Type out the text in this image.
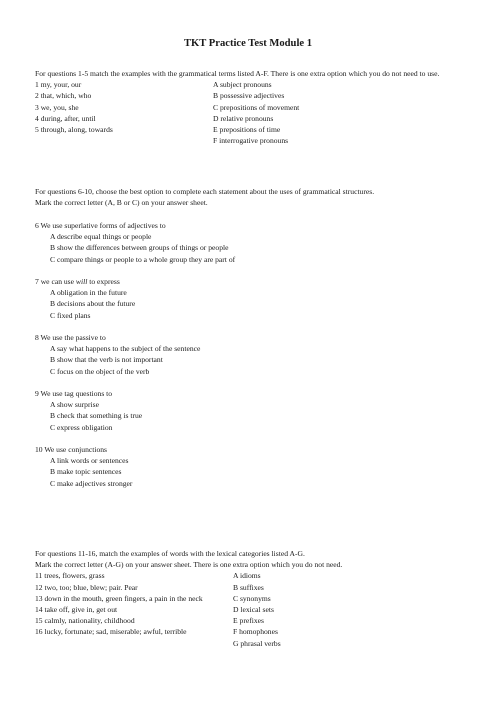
TKT Practice Test Module 1
For questions 1-5 match the examples with the grammatical terms listed A-F. There is one extra option which you do not need to use.
1 my, your, our	A subject pronouns
2 that, which, who	B possessive adjectives
3 we, you, she	C prepositions of movement
4 during, after, until	D relative pronouns
5 through, along, towards	E prepositions of time
F interrogative pronouns
For questions 6-10, choose the best option to complete each statement about the uses of grammatical structures.
Mark the correct letter (A, B or C) on your answer sheet.
6 We use superlative forms of adjectives to
A describe equal things or people
B show the differences between groups of things or people
C compare things or people to a whole group they are part of
7 we can use will to express
A obligation in the future
B decisions about the future
C fixed plans
8 We use the passive to
A say what happens to the subject of the sentence
B show that the verb is not important
C focus on the object of the verb
9 We use tag questions to
A show surprise
B check that something is true
C express obligation
10 We use conjunctions
A link words or sentences
B make topic sentences
C make adjectives stronger
For questions 11-16, match the examples of words with the lexical categories listed A-G.
Mark the correct letter (A-G) on your answer sheet. There is one extra option which you do not need.
11 trees, flowers, grass	A idioms
12 two, too; blue, blew; pair. Pear	B suffixes
13 down in the mouth, green fingers, a pain in the neck	C synonyms
14 take off, give in, get out	D lexical sets
15 calmly, nationality, childhood	E prefixes
16 lucky, fortunate; sad, miserable; awful, terrible	F homophones
G phrasal verbs
